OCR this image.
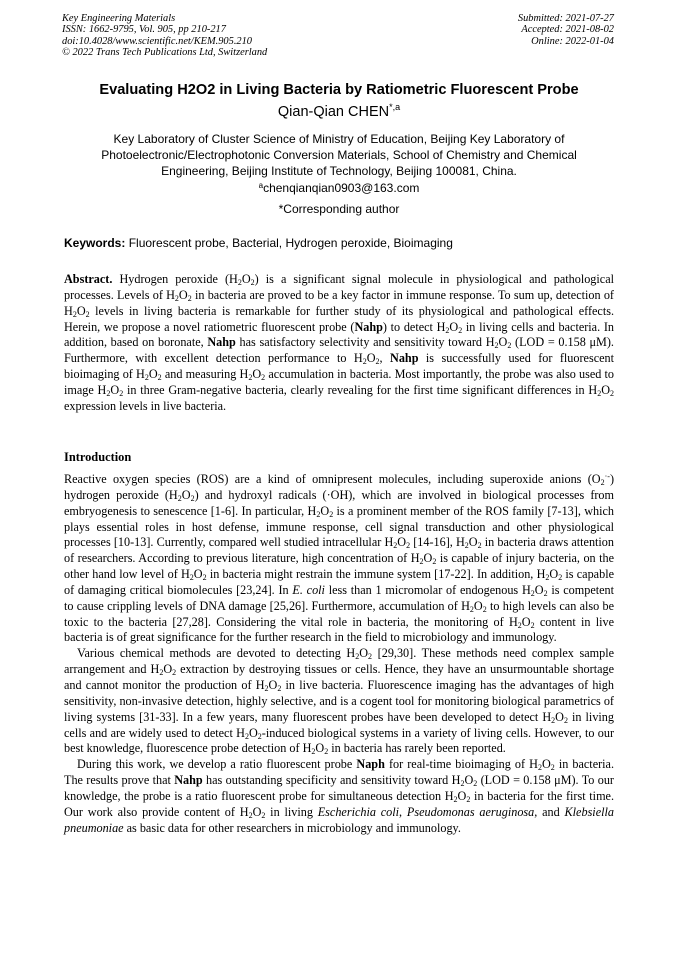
Key Engineering Materials
ISSN: 1662-9795, Vol. 905, pp 210-217
doi:10.4028/www.scientific.net/KEM.905.210
© 2022 Trans Tech Publications Ltd, Switzerland
Submitted: 2021-07-27
Accepted: 2021-08-02
Online: 2022-01-04
Evaluating H2O2 in Living Bacteria by Ratiometric Fluorescent Probe
Qian-Qian $CHEN^{*,a}$
Key Laboratory of Cluster Science of Ministry of Education, Beijing Key Laboratory of Photoelectronic/Electrophotonic Conversion Materials, School of Chemistry and Chemical Engineering, Beijing Institute of Technology, Beijing 100081, China.
$^a$chenqianqian0903@163.com
*Corresponding author
Keywords: Fluorescent probe, Bacterial, Hydrogen peroxide, Bioimaging
Abstract. Hydrogen peroxide $(H_2O_2)$ is a significant signal molecule in physiological and pathological processes. Levels of $H_2O_2$ in bacteria are proved to be a key factor in immune response. To sum up, detection of $H_2O_2$ levels in living bacteria is remarkable for further study of its physiological and pathological effects. Herein, we propose a novel ratiometric fluorescent probe (Nahp) to detect $H_2O_2$ in living cells and bacteria. In addition, based on boronate, Nahp has satisfactory selectivity and sensitivity toward $H_2O_2$ (LOD = 0.158 μM). Furthermore, with excellent detection performance to $H_2O_2$, Nahp is successfully used for fluorescent bioimaging of $H_2O_2$ and measuring $H_2O_2$ accumulation in bacteria. Most importantly, the probe was also used to image $H_2O_2$ in three Gram-negative bacteria, clearly revealing for the first time significant differences in $H_2O_2$ expression levels in live bacteria.
Introduction

Reactive oxygen species (ROS) are a kind of omnipresent molecules, including superoxide anions $(O_2^{\cdot-})$ hydrogen peroxide $(H_2O_2)$ and hydroxyl radicals (·OH), which are involved in biological processes from embryogenesis to senescence [1-6]. In particular, $H_2O_2$ is a prominent member of the ROS family [7-13], which plays essential roles in host defense, immune response, cell signal transduction and other physiological processes [10-13]. Currently, compared well studied intracellular $H_2O_2$ [14-16], $H_2O_2$ in bacteria draws attention of researchers. According to previous literature, high concentration of $H_2O_2$ is capable of injury bacteria, on the other hand low level of $H_2O_2$ in bacteria might restrain the immune system [17-22]. In addition, $H_2O_2$ is capable of damaging critical biomolecules [23,24]. In E. coli less than 1 micromolar of endogenous $H_2O_2$ is competent to cause crippling levels of DNA damage [25,26]. Furthermore, accumulation of $H_2O_2$ to high levels can also be toxic to the bacteria [27,28]. Considering the vital role in bacteria, the monitoring of $H_2O_2$ content in live bacteria is of great significance for the further research in the field to microbiology and immunology.

Various chemical methods are devoted to detecting $H_2O_2$ [29,30]. These methods need complex sample arrangement and $H_2O_2$ extraction by destroying tissues or cells. Hence, they have an unsurmountable shortage and cannot monitor the production of $H_2O_2$ in live bacteria. Fluorescence imaging has the advantages of high sensitivity, non-invasive detection, highly selective, and is a cogent tool for monitoring biological parametrics of living systems [31-33]. In a few years, many fluorescent probes have been developed to detect $H_2O_2$ in living cells and are widely used to detect $H_2O_2$-induced biological systems in a variety of living cells. However, to our best knowledge, fluorescence probe detection of $H_2O_2$ in bacteria has rarely been reported.

During this work, we develop a ratio fluorescent probe Naph for real-time bioimaging of $H_2O_2$ in bacteria. The results prove that Nahp has outstanding specificity and sensitivity toward $H_2O_2$ (LOD = 0.158 μM). To our knowledge, the probe is a ratio fluorescent probe for simultaneous detection $H_2O_2$ in bacteria for the first time. Our work also provide content of $H_2O_2$ in living Escherichia coli, Pseudomonas aeruginosa, and Klebsiella pneumoniae as basic data for other researchers in microbiology and immunology.
